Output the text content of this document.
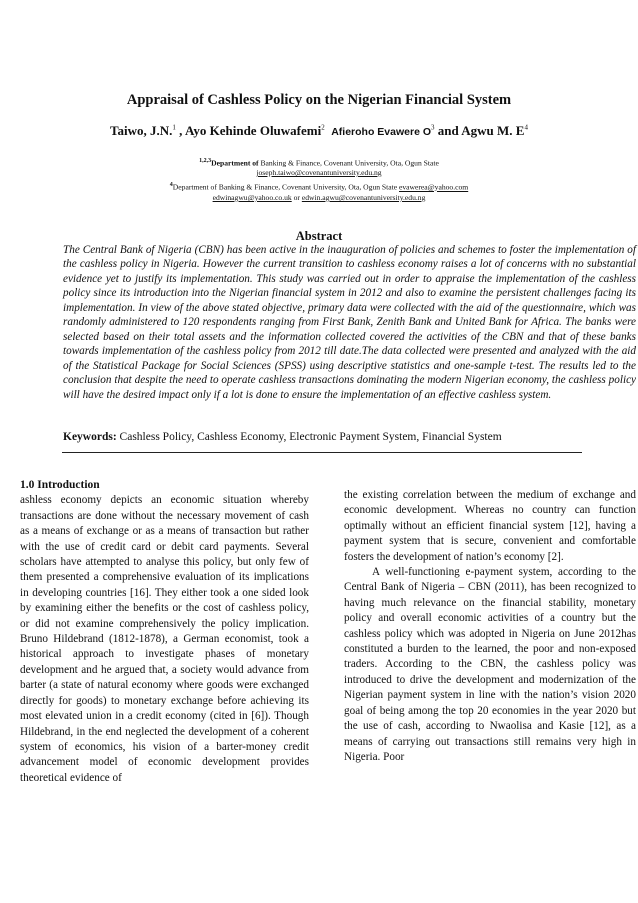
Appraisal of Cashless Policy on the Nigerian Financial System
Taiwo, J.N.$^1$ , Ayo Kehinde Oluwafemi$^2$ Afieroho Evawere $O^3$ and Agwu M. $E^4$
$^{1,2,3}$Department of Banking & Finance, Covenant University, Ota, Ogun State
joseph.taiwo@covenantuniversity.edu.ng
$^4$Department of Banking & Finance, Covenant University, Ota, Ogun State evawerea@yahoo.com
edwinagwu@yahoo.co.uk or edwin.agwu@covenantuniversity.edu.ng
Abstract
The Central Bank of Nigeria (CBN) has been active in the inauguration of policies and schemes to foster the implementation of the cashless policy in Nigeria. However the current transition to cashless economy raises a lot of concerns with no substantial evidence yet to justify its implementation. This study was carried out in order to appraise the implementation of the cashless policy since its introduction into the Nigerian financial system in 2012 and also to examine the persistent challenges facing its implementation. In view of the above stated objective, primary data were collected with the aid of the questionnaire, which was randomly administered to 120 respondents ranging from First Bank, Zenith Bank and United Bank for Africa. The banks were selected based on their total assets and the information collected covered the activities of the CBN and that of these banks towards implementation of the cashless policy from 2012 till date.The data collected were presented and analyzed with the aid of the Statistical Package for Social Sciences (SPSS) using descriptive statistics and one-sample t-test. The results led to the conclusion that despite the need to operate cashless transactions dominating the modern Nigerian economy, the cashless policy will have the desired impact only if a lot is done to ensure the implementation of an effective cashless system.
Keywords: Cashless Policy, Cashless Economy, Electronic Payment System, Financial System

1.0 Introduction

ashless economy depicts an economic situation whereby transactions are done without the necessary movement of cash as a means of exchange or as a means of transaction but rather with the use of credit card or debit card payments. Several scholars have attempted to analyse this policy, but only few of them presented a comprehensive evaluation of its implications in developing countries [16]. They either took a one sided look by examining either the benefits or the cost of cashless policy, or did not examine comprehensively the policy implication. Bruno Hildebrand (1812-1878), a German economist, took a historical approach to investigate phases of monetary development and he argued that, a society would advance from barter (a state of natural economy where goods were exchanged directly for goods) to monetary exchange before achieving its most elevated union in a credit economy (cited in [6]). Though Hildebrand, in the end neglected the development of a coherent system of economics, his vision of a barter-money credit advancement model of economic development provides theoretical evidence of

the existing correlation between the medium of exchange and economic development. Whereas no country can function optimally without an efficient financial system [12], having a payment system that is secure, convenient and comfortable fosters the development of nation’s economy [2].

A well-functioning e-payment system, according to the Central Bank of Nigeria – CBN (2011), has been recognized to having much relevance on the financial stability, monetary policy and overall economic activities of a country but the cashless policy which was adopted in Nigeria on June 2012has constituted a burden to the learned, the poor and non-exposed traders. According to the CBN, the cashless policy was introduced to drive the development and modernization of the Nigerian payment system in line with the nation’s vision 2020 goal of being among the top 20 economies in the year 2020 but the use of cash, according to Nwaolisa and Kasie [12], as a means of carrying out transactions still remains very high in Nigeria. Poor
